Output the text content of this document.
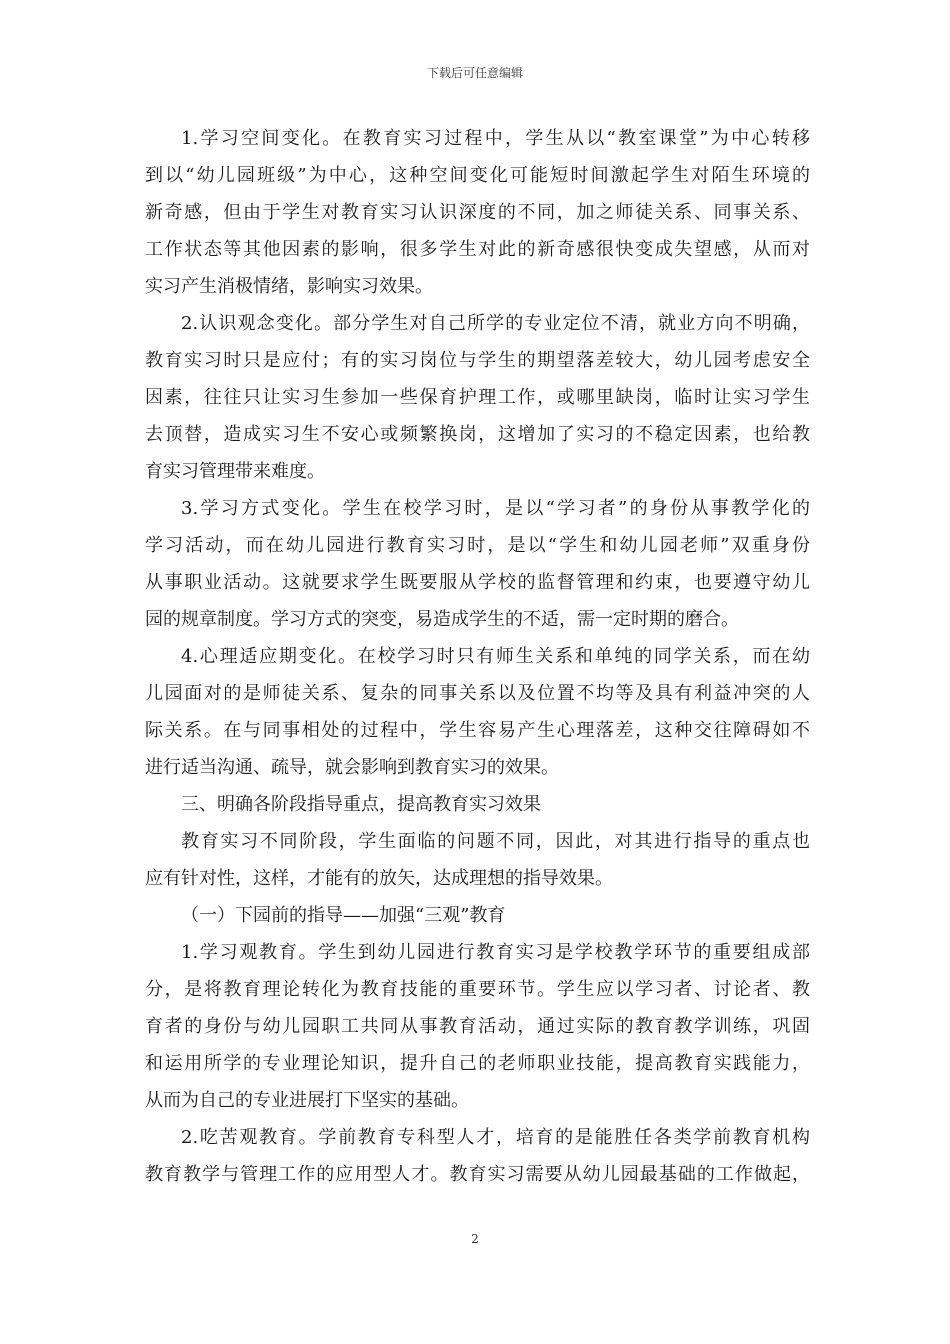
下载后可任意编辑
1.学习空间变化。在教育实习过程中，学生从以“教室课堂”为中心转移
到以“幼儿园班级”为中心，这种空间变化可能短时间激起学生对陌生环境的
新奇感，但由于学生对教育实习认识深度的不同，加之师徒关系、同事关系、
工作状态等其他因素的影响，很多学生对此的新奇感很快变成失望感，从而对
实习产生消极情绪，影响实习效果。
2.认识观念变化。部分学生对自己所学的专业定位不清，就业方向不明确，
教育实习时只是应付；有的实习岗位与学生的期望落差较大，幼儿园考虑安全
因素，往往只让实习生参加一些保育护理工作，或哪里缺岗，临时让实习学生
去顶替，造成实习生不安心或频繁换岗，这增加了实习的不稳定因素，也给教
育实习管理带来难度。
3.学习方式变化。学生在校学习时，是以“学习者”的身份从事教学化的
学习活动，而在幼儿园进行教育实习时，是以“学生和幼儿园老师”双重身份
从事职业活动。这就要求学生既要服从学校的监督管理和约束，也要遵守幼儿
园的规章制度。学习方式的突变，易造成学生的不适，需一定时期的磨合。
4.心理适应期变化。在校学习时只有师生关系和单纯的同学关系，而在幼
儿园面对的是师徒关系、复杂的同事关系以及位置不均等及具有利益冲突的人
际关系。在与同事相处的过程中，学生容易产生心理落差，这种交往障碍如不
进行适当沟通、疏导，就会影响到教育实习的效果。
三、明确各阶段指导重点，提高教育实习效果
教育实习不同阶段，学生面临的问题不同，因此，对其进行指导的重点也
应有针对性，这样，才能有的放矢，达成理想的指导效果。
（一）下园前的指导——加强“三观”教育
1.学习观教育。学生到幼儿园进行教育实习是学校教学环节的重要组成部
分，是将教育理论转化为教育技能的重要环节。学生应以学习者、讨论者、教
育者的身份与幼儿园职工共同从事教育活动，通过实际的教育教学训练，巩固
和运用所学的专业理论知识，提升自己的老师职业技能，提高教育实践能力，
从而为自己的专业进展打下坚实的基础。
2.吃苦观教育。学前教育专科型人才，培育的是能胜任各类学前教育机构
教育教学与管理工作的应用型人才。教育实习需要从幼儿园最基础的工作做起，
2
